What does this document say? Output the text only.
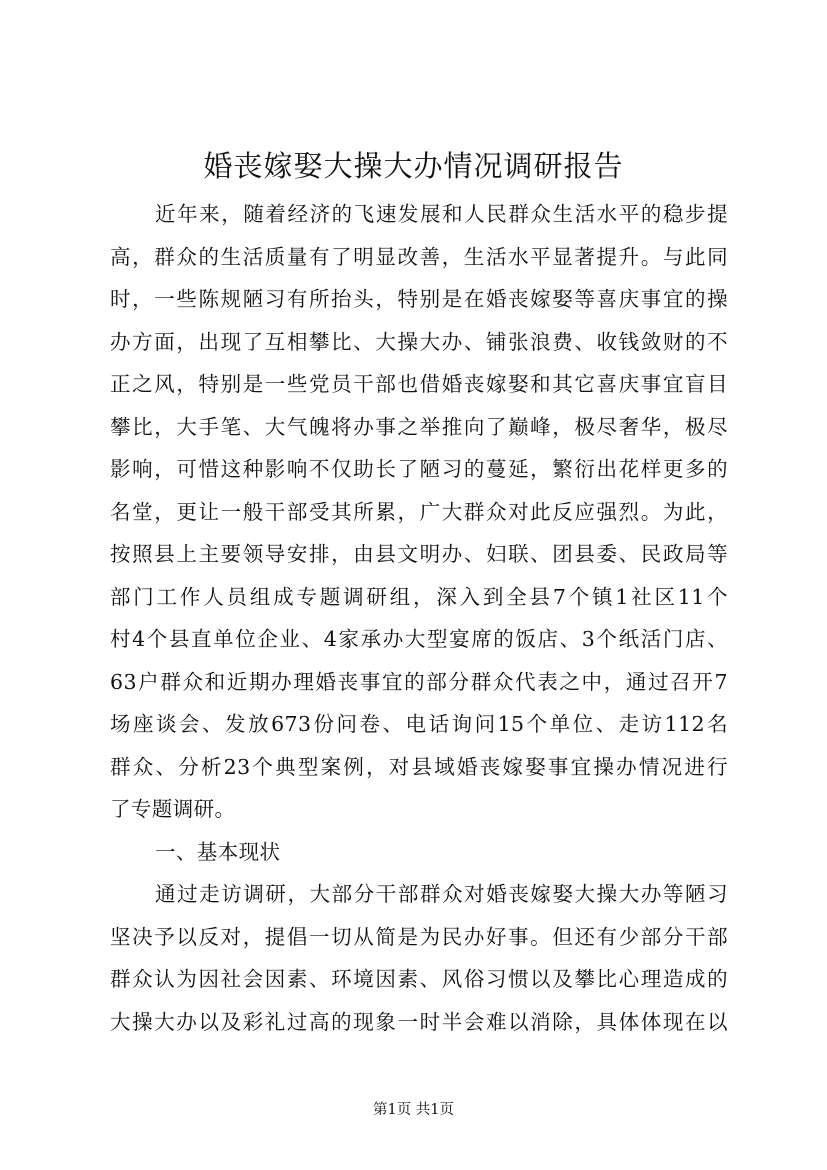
婚丧嫁娶大操大办情况调研报告
近年来，随着经济的飞速发展和人民群众生活水平的稳步提
高，群众的生活质量有了明显改善，生活水平显著提升。与此同
时，一些陈规陋习有所抬头，特别是在婚丧嫁娶等喜庆事宜的操
办方面，出现了互相攀比、大操大办、铺张浪费、收钱敛财的不
正之风，特别是一些党员干部也借婚丧嫁娶和其它喜庆事宜盲目
攀比，大手笔、大气魄将办事之举推向了巅峰，极尽奢华，极尽
影响，可惜这种影响不仅助长了陋习的蔓延，繁衍出花样更多的
名堂，更让一般干部受其所累，广大群众对此反应强烈。为此，
按照县上主要领导安排，由县文明办、妇联、团县委、民政局等
部门工作人员组成专题调研组，深入到全县7个镇1社区11个
村4个县直单位企业、4家承办大型宴席的饭店、3个纸活门店、
63户群众和近期办理婚丧事宜的部分群众代表之中，通过召开7
场座谈会、发放673份问卷、电话询问15个单位、走访112名
群众、分析23个典型案例，对县域婚丧嫁娶事宜操办情况进行
了专题调研。
一、基本现状
通过走访调研，大部分干部群众对婚丧嫁娶大操大办等陋习
坚决予以反对，提倡一切从简是为民办好事。但还有少部分干部
群众认为因社会因素、环境因素、风俗习惯以及攀比心理造成的
大操大办以及彩礼过高的现象一时半会难以消除，具体体现在以
第1页 共1页
